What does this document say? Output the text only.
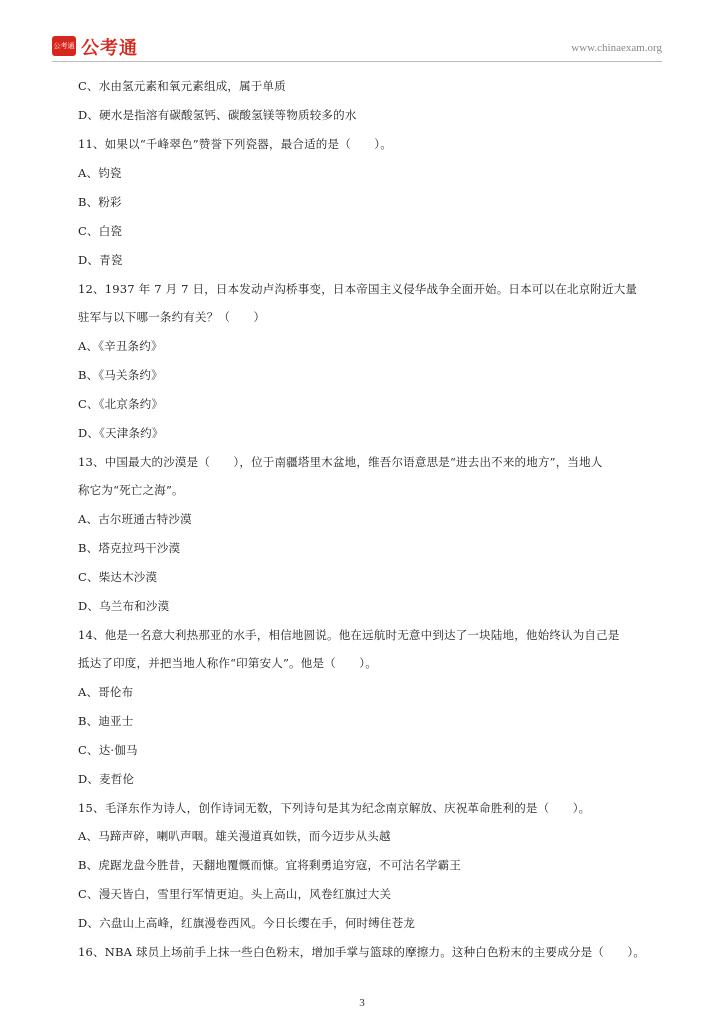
公考通 公考通	www.chinaexam.org
C、水由氢元素和氧元素组成，属于单质
D、硬水是指溶有碳酸氢钙、碳酸氢镁等物质较多的水
11、如果以“千峰翠色”赞誉下列瓷器，最合适的是（　　）。
A、钧瓷
B、粉彩
C、白瓷
D、青瓷
12、1937 年 7 月 7 日，日本发动卢沟桥事变，日本帝国主义侵华战争全面开始。日本可以在北京附近大量
驻军与以下哪一条约有关？（　　）
A、《辛丑条约》
B、《马关条约》
C、《北京条约》
D、《天津条约》
13、中国最大的沙漠是（　　），位于南疆塔里木盆地，维吾尔语意思是“进去出不来的地方”，当地人
称它为“死亡之海”。
A、古尔班通古特沙漠
B、塔克拉玛干沙漠
C、柴达木沙漠
D、乌兰布和沙漠
14、他是一名意大利热那亚的水手，相信地圆说。他在远航时无意中到达了一块陆地，他始终认为自己是
抵达了印度，并把当地人称作“印第安人”。他是（　　）。
A、哥伦布
B、迪亚士
C、达·伽马
D、麦哲伦
15、毛泽东作为诗人，创作诗词无数，下列诗句是其为纪念南京解放、庆祝革命胜利的是（　　）。
A、马蹄声碎，喇叭声咽。雄关漫道真如铁，而今迈步从头越
B、虎踞龙盘今胜昔，天翻地覆慨而慷。宜将剩勇追穷寇，不可沽名学霸王
C、漫天皆白，雪里行军情更迫。头上高山，风卷红旗过大关
D、六盘山上高峰，红旗漫卷西风。今日长缨在手，何时缚住苍龙
16、NBA 球员上场前手上抹一些白色粉末，增加手掌与篮球的摩擦力。这种白色粉末的主要成分是（　　）。
3
